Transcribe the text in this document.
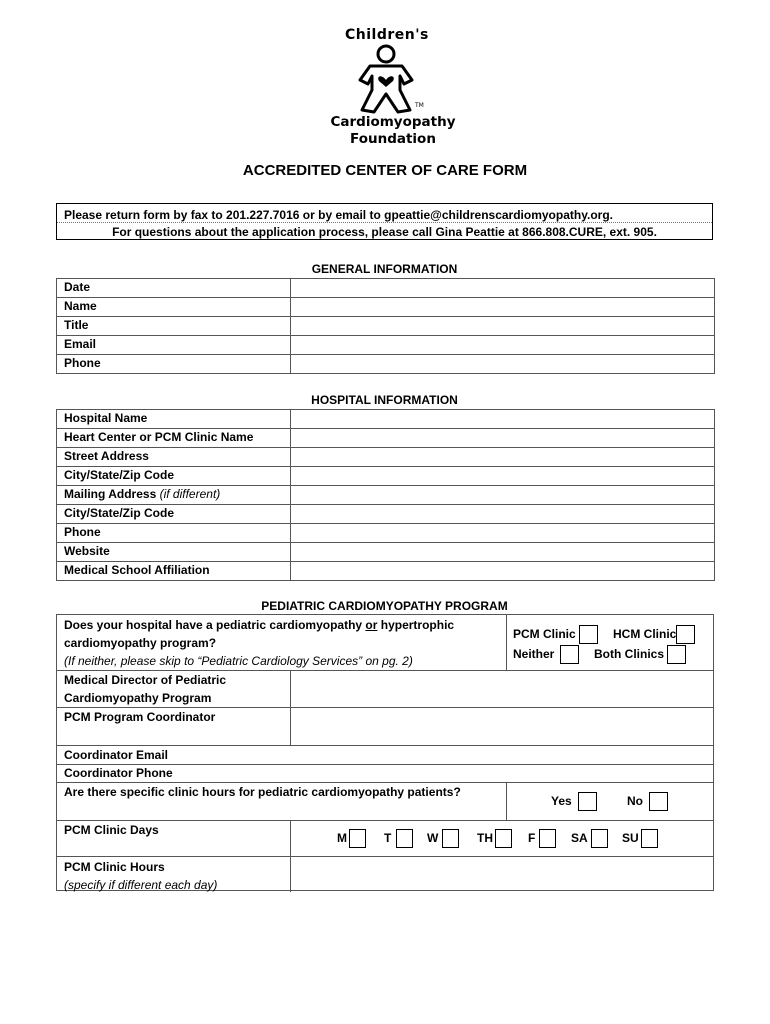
Children's
TM
Cardiomyopathy
Foundation
ACCREDITED CENTER OF CARE FORM
Please return form by fax to 201.227.7016 or by email to gpeattie@childrenscardiomyopathy.org.
For questions about the application process, please call Gina Peattie at 866.808.CURE, ext. 905.
GENERAL INFORMATION
Date	
Name	
Title	
Email	
Phone	
HOSPITAL INFORMATION
Hospital Name	
Heart Center or PCM Clinic Name	
Street Address	
City/State/Zip Code	
Mailing Address (if different)	
City/State/Zip Code	
Phone	
Website	
Medical School Affiliation	
PEDIATRIC CARDIOMYOPATHY PROGRAM
Does your hospital have a pediatric cardiomyopathy or hypertrophic
cardiomyopathy program?
(If neither, please skip to “Pediatric Cardiology Services” on pg. 2)
PCM Clinic	HCM Clinic
Neither	Both Clinics
Medical Director of Pediatric
Cardiomyopathy Program
PCM Program Coordinator
Coordinator Email
Coordinator Phone
Are there specific clinic hours for pediatric cardiomyopathy patients?
Yes	No
PCM Clinic Days
M	T	W	TH	F	SA	SU
PCM Clinic Hours
(specify if different each day)
